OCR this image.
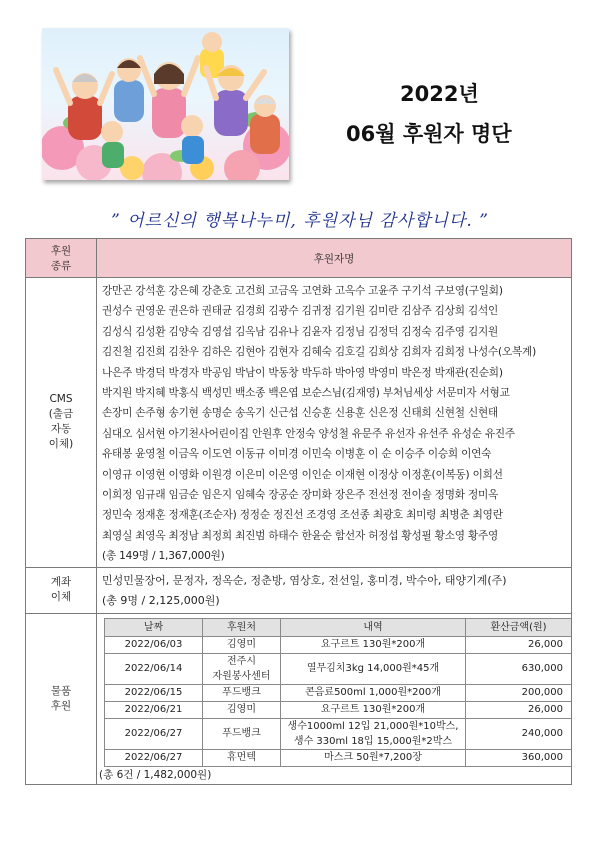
2022년
06월 후원자 명단
” 어르신의 행복나누미, 후원자님 감사합니다. ”
후원
종류	후원자명
CMS
(출금
자동
이체)	
강만곤 강석훈 강은혜 강춘호 고건희 고금옥 고연화 고옥수 고윤주 구기석 구보영(구일회)
권성수 권영운 권은하 권태균 김경희 김광수 김귀정 김기원 김미란 김삼주 김상희 김석인
김성식 김성환 김양숙 김영섭 김옥남 김유나 김윤자 김정님 김정덕 김정숙 김주영 김지원
김진철 김진희 김찬우 김하은 김현아 김현자 김혜숙 김호길 김희상 김희자 김희정 나성수(오복계)
나은주 박경덕 박경자 박공임 박남이 박동창 박두하 박아영 박영미 박은정 박재관(진순희)
박지원 박지혜 박홍식 백성민 백소종 백은엽 보순스님(김재영) 부처님세상 서문미자 서형교
손장미 손주형 송기현 송명순 송옥기 신근섭 신승훈 신용훈 신은정 신태희 신현철 신현태
심대오 심서현 아기천사어린이집 안원후 안정숙 양성철 유문주 유선자 유선주 유성순 유진주
유태봉 윤영철 이금옥 이도연 이동규 이미경 이민숙 이병훈 이 순 이승주 이승희 이연숙
이영규 이영현 이영화 이원경 이은미 이은영 이인순 이재현 이정상 이정훈(이복동) 이희선
이희정 임규래 임금순 임은지 임혜숙 장공순 장미화 장은주 전선정 전이솔 정명화 정미옥
정민숙 정재훈 정재훈(조순자) 정정순 정진선 조경영 조선종 최광호 최미령 최병춘 최영란
최영실 최영옥 최정남 최정희 최진범 하태수 한윤순 함선자 허정섭 황성필 황소영 황주영
(총 149명 / 1,367,000원)

계좌
이체	
민성민물장어, 문정자, 정옥순, 정춘방, 염상호, 전선일, 홍미경, 박수아, 태양기계(주)
(총 9명 / 2,125,000원)

물품
후원	
날짜	후원처	내역	환산금액(원)
2022/06/03	김영미	요구르트 130원*200개	26,000
2022/06/14	전주시
자원봉사센터	열무김치3kg 14,000원*45개	630,000
2022/06/15	푸드뱅크	콘음료500ml 1,000원*200개	200,000
2022/06/21	김영미	요구르트 130원*200개	26,000
2022/06/27	푸드뱅크	생수1000ml 12입 21,000원*10박스,
생수 330ml 18입 15,000원*2박스	240,000
2022/06/27	휴먼텍	마스크 50원*7,200장	360,000
(총 6건 / 1,482,000원)
